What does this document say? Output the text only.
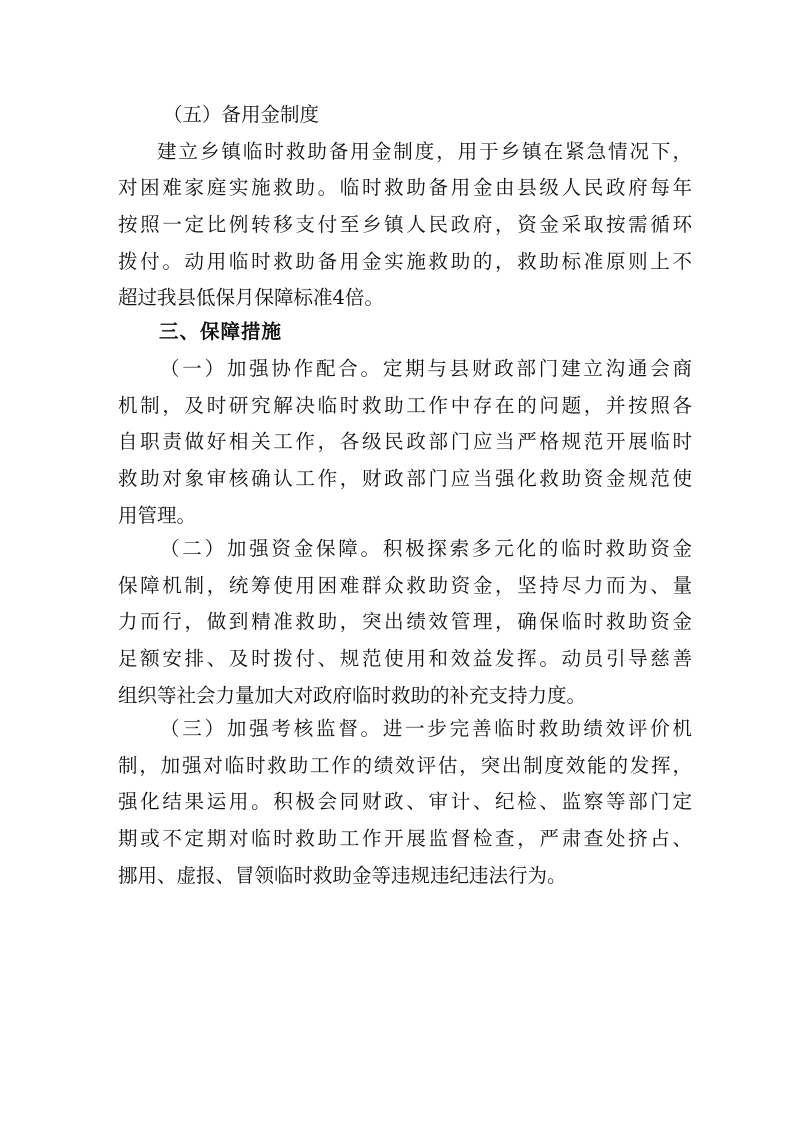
（五）备用金制度
建立乡镇临时救助备用金制度，用于乡镇在紧急情况下，
对困难家庭实施救助。临时救助备用金由县级人民政府每年
按照一定比例转移支付至乡镇人民政府，资金采取按需循环
拨付。动用临时救助备用金实施救助的，救助标准原则上不
超过我县低保月保障标准4倍。
三、保障措施
（一）加强协作配合。定期与县财政部门建立沟通会商
机制，及时研究解决临时救助工作中存在的问题，并按照各
自职责做好相关工作，各级民政部门应当严格规范开展临时
救助对象审核确认工作，财政部门应当强化救助资金规范使
用管理。
（二）加强资金保障。积极探索多元化的临时救助资金
保障机制，统筹使用困难群众救助资金，坚持尽力而为、量
力而行，做到精准救助，突出绩效管理，确保临时救助资金
足额安排、及时拨付、规范使用和效益发挥。动员引导慈善
组织等社会力量加大对政府临时救助的补充支持力度。
（三）加强考核监督。进一步完善临时救助绩效评价机
制，加强对临时救助工作的绩效评估，突出制度效能的发挥，
强化结果运用。积极会同财政、审计、纪检、监察等部门定
期或不定期对临时救助工作开展监督检查，严肃查处挤占、
挪用、虚报、冒领临时救助金等违规违纪违法行为。
